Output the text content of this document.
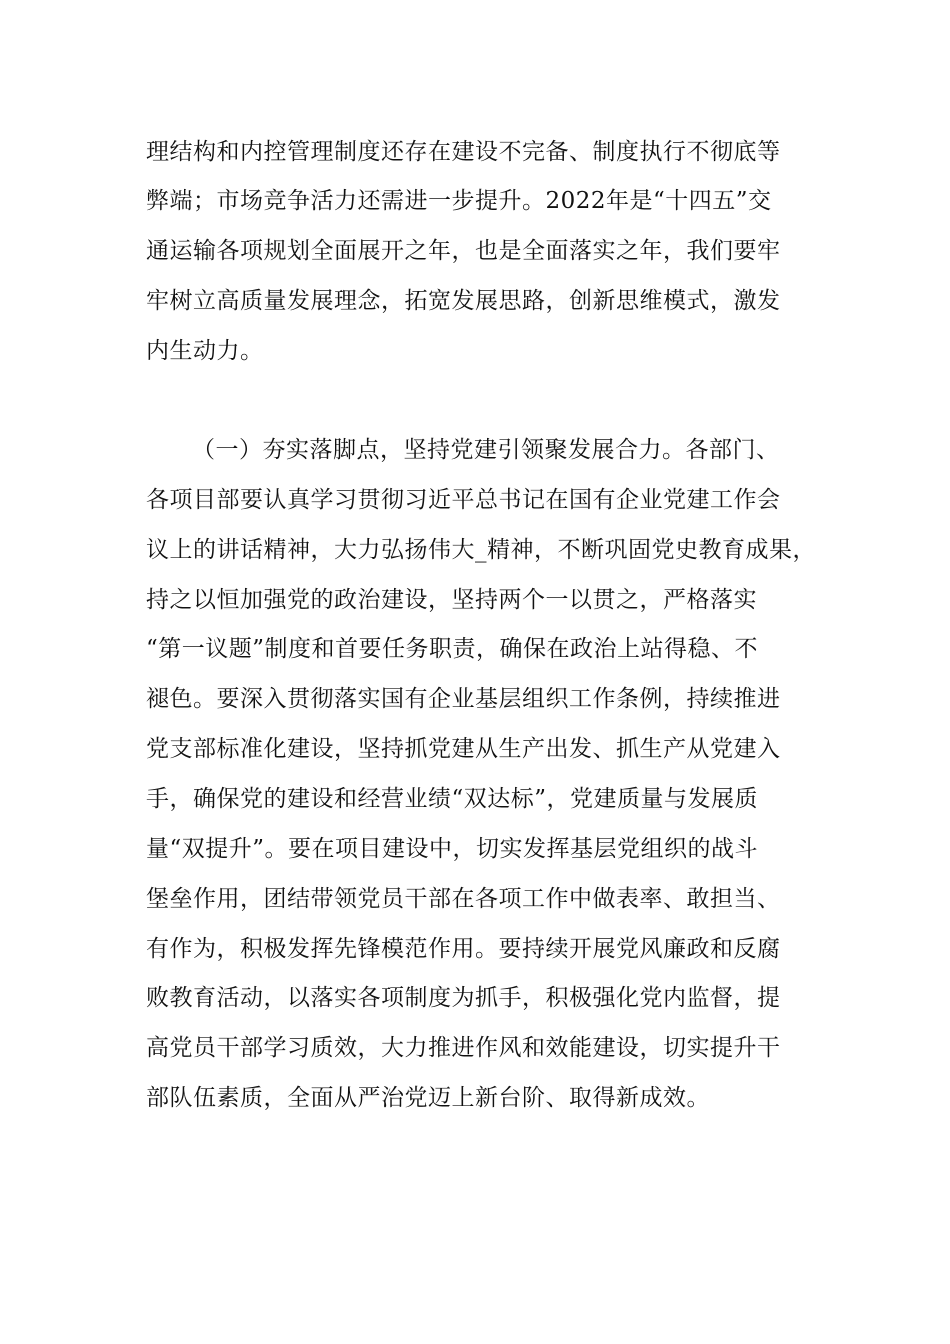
理结构和内控管理制度还存在建设不完备、制度执行不彻底等
弊端；市场竞争活力还需进一步提升。2022年是“十四五”交
通运输各项规划全面展开之年，也是全面落实之年，我们要牢
牢树立高质量发展理念，拓宽发展思路，创新思维模式，激发
内生动力。
（一）夯实落脚点，坚持党建引领聚发展合力。各部门、
各项目部要认真学习贯彻习近平总书记在国有企业党建工作会
议上的讲话精神，大力弘扬伟大_精神，不断巩固党史教育成果，
持之以恒加强党的政治建设，坚持两个一以贯之，严格落实
“第一议题”制度和首要任务职责，确保在政治上站得稳、不
褪色。要深入贯彻落实国有企业基层组织工作条例，持续推进
党支部标准化建设，坚持抓党建从生产出发、抓生产从党建入
手，确保党的建设和经营业绩“双达标”，党建质量与发展质
量“双提升”。要在项目建设中，切实发挥基层党组织的战斗
堡垒作用，团结带领党员干部在各项工作中做表率、敢担当、
有作为，积极发挥先锋模范作用。要持续开展党风廉政和反腐
败教育活动，以落实各项制度为抓手，积极强化党内监督，提
高党员干部学习质效，大力推进作风和效能建设，切实提升干
部队伍素质，全面从严治党迈上新台阶、取得新成效。
